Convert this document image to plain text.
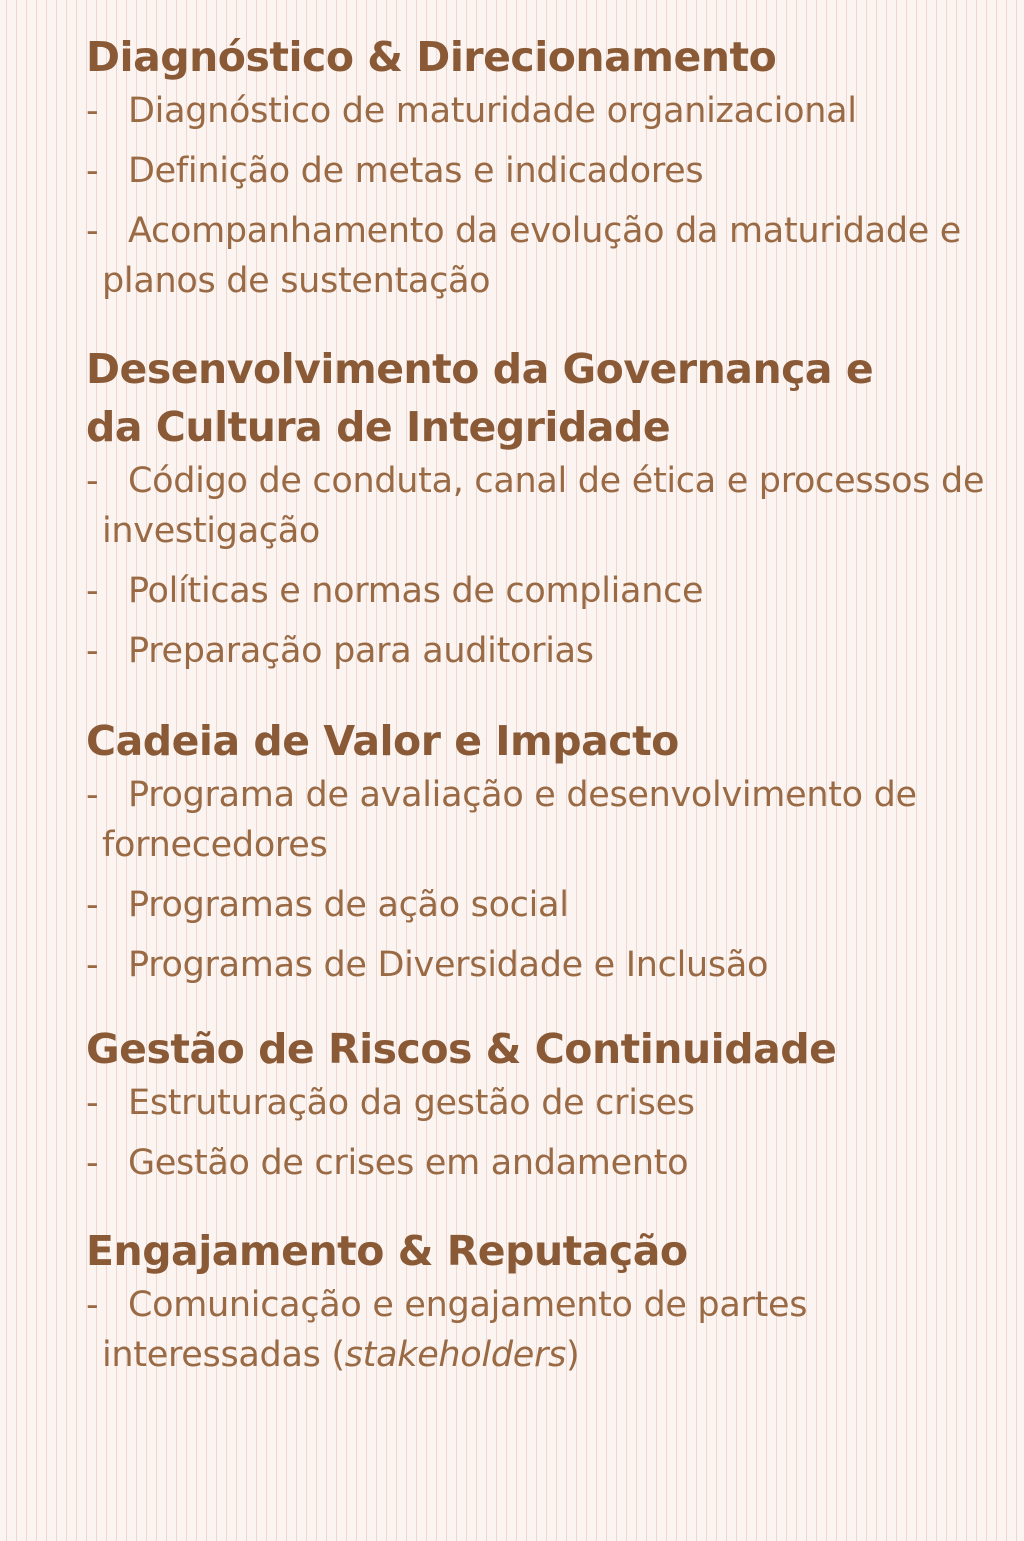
Diagnóstico & Direcionamento
- Diagnóstico de maturidade organizacional
- Definição de metas e indicadores
- Acompanhamento da evolução da maturidade e planos de sustentação
Desenvolvimento da Governança e da Cultura de Integridade
- Código de conduta, canal de ética e processos de investigação
- Políticas e normas de compliance
- Preparação para auditorias
Cadeia de Valor e Impacto
- Programa de avaliação e desenvolvimento de fornecedores
- Programas de ação social
- Programas de Diversidade e Inclusão
Gestão de Riscos & Continuidade
- Estruturação da gestão de crises
- Gestão de crises em andamento
Engajamento & Reputação
- Comunicação e engajamento de partes interessadas (stakeholders)
